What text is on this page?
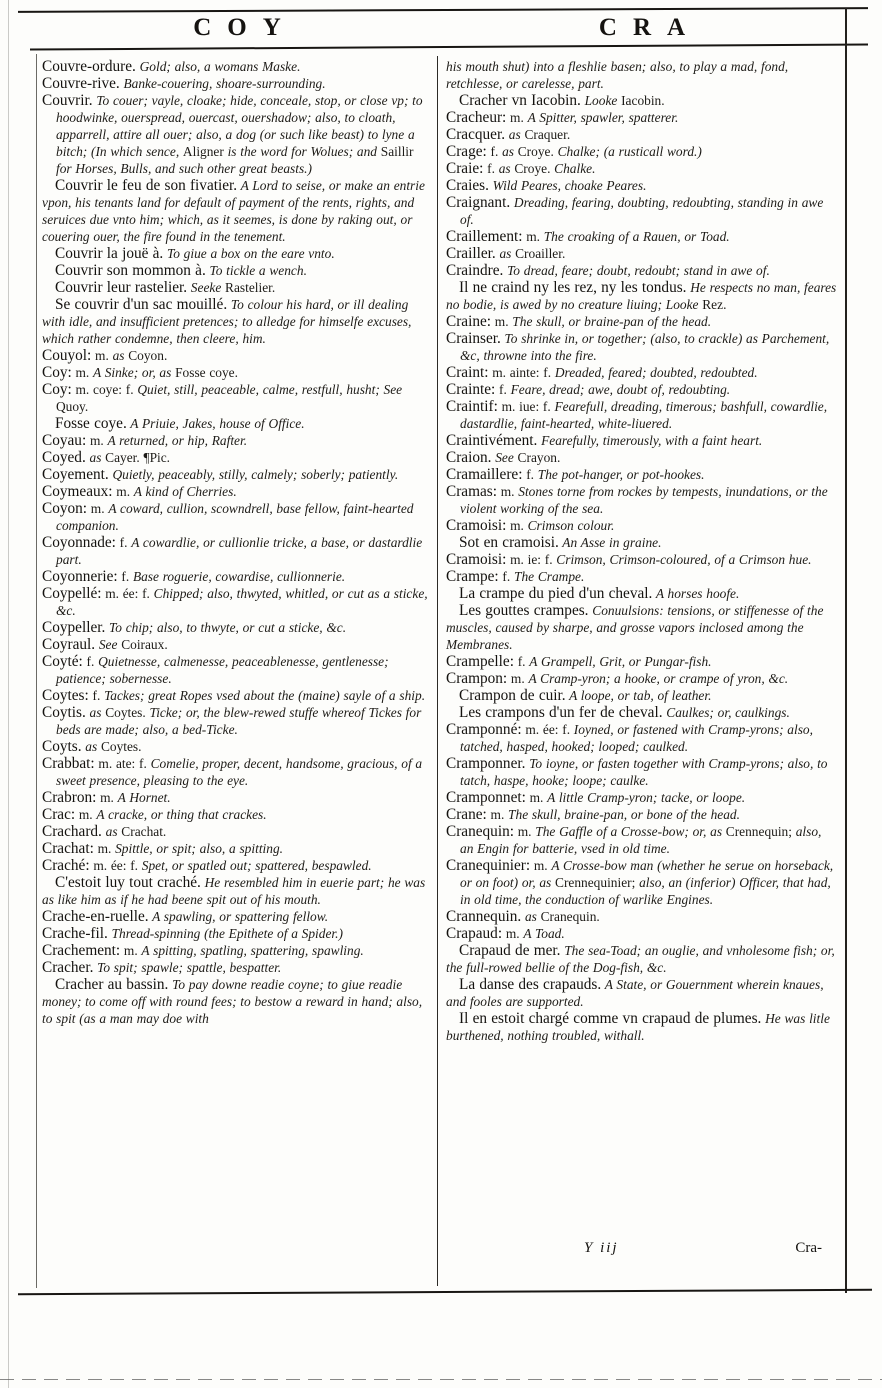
COY	CRA

Couvre-ordure. Gold; also, a womans Maske.

Couvre-rive. Banke-couering, shoare-surrounding.

Couvrir. To couer; vayle, cloake; hide, conceale, stop, or close vp; to hoodwinke, ouerspread, ouercast, ouershadow; also, to cloath, apparrell, attire all ouer; also, a dog (or such like beast) to lyne a bitch; (In which sence, Aligner is the word for Wolues; and Saillir for Horses, Bulls, and such other great beasts.)

Couvrir le feu de son fivatier. A Lord to seise, or make an entrie vpon, his tenants land for default of payment of the rents, rights, and seruices due vnto him; which, as it seemes, is done by raking out, or couering ouer, the fire found in the tenement.

Couvrir la jouë à. To giue a box on the eare vnto.

Couvrir son mommon à. To tickle a wench.

Couvrir leur rastelier. Seeke Rastelier.

Se couvrir d'un sac mouillé. To colour his hard, or ill dealing with idle, and insufficient pretences; to alledge for himselfe excuses, which rather condemne, then cleere, him.

Couyol: m. as Coyon.

Coy: m. A Sinke; or, as Fosse coye.

Coy: m. coye: f. Quiet, still, peaceable, calme, restfull, husht; See Quoy.

Fosse coye. A Priuie, Jakes, house of Office.

Coyau: m. A returned, or hip, Rafter.

Coyed. as Cayer. ¶Pic.

Coyement. Quietly, peaceably, stilly, calmely; soberly; patiently.

Coymeaux: m. A kind of Cherries.

Coyon: m. A coward, cullion, scowndrell, base fellow, faint-hearted companion.

Coyonnade: f. A cowardlie, or cullionlie tricke, a base, or dastardlie part.

Coyonnerie: f. Base roguerie, cowardise, cullionnerie.

Coypellé: m. ée: f. Chipped; also, thwyted, whitled, or cut as a sticke, &c.

Coypeller. To chip; also, to thwyte, or cut a sticke, &c.

Coyraul. See Coiraux.

Coyté: f. Quietnesse, calmenesse, peaceablenesse, gentlenesse; patience; sobernesse.

Coytes: f. Tackes; great Ropes vsed about the (maine) sayle of a ship.

Coytis. as Coytes. Ticke; or, the blew-rewed stuffe whereof Tickes for beds are made; also, a bed-Ticke.

Coyts. as Coytes.

Crabbat: m. ate: f. Comelie, proper, decent, handsome, gracious, of a sweet presence, pleasing to the eye.

Crabron: m. A Hornet.

Crac: m. A cracke, or thing that crackes.

Crachard. as Crachat.

Crachat: m. Spittle, or spit; also, a spitting.

Craché: m. ée: f. Spet, or spatled out; spattered, bespawled.

C'estoit luy tout craché. He resembled him in euerie part; he was as like him as if he had beene spit out of his mouth.

Crache-en-ruelle. A spawling, or spattering fellow.

Crache-fil. Thread-spinning (the Epithete of a Spider.)

Crachement: m. A spitting, spatling, spattering, spawling.

Cracher. To spit; spawle; spattle, bespatter.

Cracher au bassin. To pay downe readie coyne; to giue readie money; to come off with round fees; to bestow a reward in hand; also, to spit (as a man may doe with

his mouth shut) into a fleshlie basen; also, to play a mad, fond, retchlesse, or carelesse, part.

Cracher vn Iacobin. Looke Iacobin.

Cracheur: m. A Spitter, spawler, spatterer.

Cracquer. as Craquer.

Crage: f. as Croye. Chalke; (a rusticall word.)

Craie: f. as Croye. Chalke.

Craies. Wild Peares, choake Peares.

Craignant. Dreading, fearing, doubting, redoubting, standing in awe of.

Craillement: m. The croaking of a Rauen, or Toad.

Crailler. as Croailler.

Craindre. To dread, feare; doubt, redoubt; stand in awe of.

Il ne craind ny les rez, ny les tondus. He respects no man, feares no bodie, is awed by no creature liuing; Looke Rez.

Craine: m. The skull, or braine-pan of the head.

Crainser. To shrinke in, or together; (also, to crackle) as Parchement, &c, throwne into the fire.

Craint: m. ainte: f. Dreaded, feared; doubted, redoubted.

Crainte: f. Feare, dread; awe, doubt of, redoubting.

Craintif: m. iue: f. Fearefull, dreading, timerous; bashfull, cowardlie, dastardlie, faint-hearted, white-liuered.

Craintivément. Fearefully, timerously, with a faint heart.

Craion. See Crayon.

Cramaillere: f. The pot-hanger, or pot-hookes.

Cramas: m. Stones torne from rockes by tempests, inundations, or the violent working of the sea.

Cramoisi: m. Crimson colour.

Sot en cramoisi. An Asse in graine.

Cramoisi: m. ie: f. Crimson, Crimson-coloured, of a Crimson hue.

Crampe: f. The Crampe.

La crampe du pied d'un cheval. A horses hoofe.

Les gouttes crampes. Conuulsions: tensions, or stiffenesse of the muscles, caused by sharpe, and grosse vapors inclosed among the Membranes.

Crampelle: f. A Grampell, Grit, or Pungar-fish.

Crampon: m. A Cramp-yron; a hooke, or crampe of yron, &c.

Crampon de cuir. A loope, or tab, of leather.

Les crampons d'un fer de cheval. Caulkes; or, caulkings.

Cramponné: m. ée: f. Ioyned, or fastened with Cramp-yrons; also, tatched, hasped, hooked; looped; caulked.

Cramponner. To ioyne, or fasten together with Cramp-yrons; also, to tatch, haspe, hooke; loope; caulke.

Cramponnet: m. A little Cramp-yron; tacke, or loope.

Crane: m. The skull, braine-pan, or bone of the head.

Cranequin: m. The Gaffle of a Crosse-bow; or, as Crennequin; also, an Engin for batterie, vsed in old time.

Cranequinier: m. A Crosse-bow man (whether he serue on horseback, or on foot) or, as Crennequinier; also, an (inferior) Officer, that had, in old time, the conduction of warlike Engines.

Crannequin. as Cranequin.

Crapaud: m. A Toad.

Crapaud de mer. The sea-Toad; an ouglie, and vnholesome fish; or, the full-rowed bellie of the Dog-fish, &c.

La danse des crapauds. A State, or Gouernment wherein knaues, and fooles are supported.

Il en estoit chargé comme vn crapaud de plumes. He was litle burthened, nothing troubled, withall.

Y iij	Cra-
